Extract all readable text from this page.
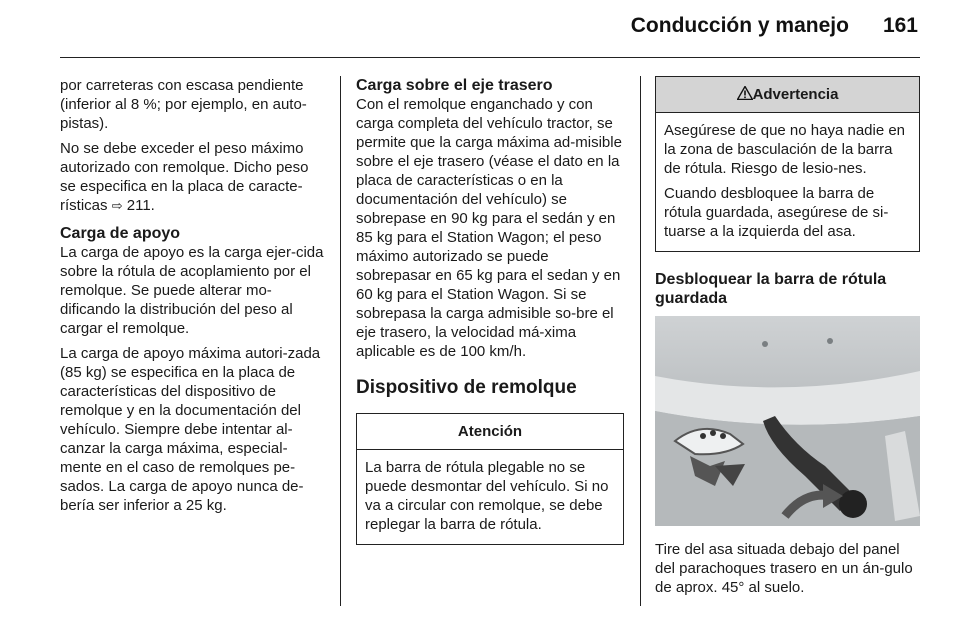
Conducción y manejo 161

por carreteras con escasa pendiente (inferior al 8 %; por ejemplo, en auto-pistas).

No se debe exceder el peso máximo autorizado con remolque. Dicho peso se especifica en la placa de caracte-rísticas ⇨ 211.

Carga de apoyo

La carga de apoyo es la carga ejer-cida sobre la rótula de acoplamiento por el remolque. Se puede alterar mo-dificando la distribución del peso al cargar el remolque.

La carga de apoyo máxima autori-zada (85 kg) se especifica en la placa de características del dispositivo de remolque y en la documentación del vehículo. Siempre debe intentar al-canzar la carga máxima, especial-mente en el caso de remolques pe-sados. La carga de apoyo nunca de-bería ser inferior a 25 kg.

Carga sobre el eje trasero

Con el remolque enganchado y con carga completa del vehículo tractor, se permite que la carga máxima ad-misible sobre el eje trasero (véase el dato en la placa de características o en la documentación del vehículo) se sobrepase en 90 kg para el sedán y en 85 kg para el Station Wagon; el peso máximo autorizado se puede sobrepasar en 65 kg para el sedan y en 60 kg para el Station Wagon. Si se sobrepasa la carga admisible so-bre el eje trasero, la velocidad má-xima aplicable es de 100 km/h.

Dispositivo de remolque
Atención

La barra de rótula plegable no se puede desmontar del vehículo. Si no va a circular con remolque, se debe replegar la barra de rótula.

Advertencia

Asegúrese de que no haya nadie en la zona de basculación de la barra de rótula. Riesgo de lesio-nes.

Cuando desbloquee la barra de rótula guardada, asegúrese de si-tuarse a la izquierda del asa.

Desbloquear la barra de rótula guardada

Tire del asa situada debajo del panel del parachoques trasero en un án-gulo de aprox. 45° al suelo.
